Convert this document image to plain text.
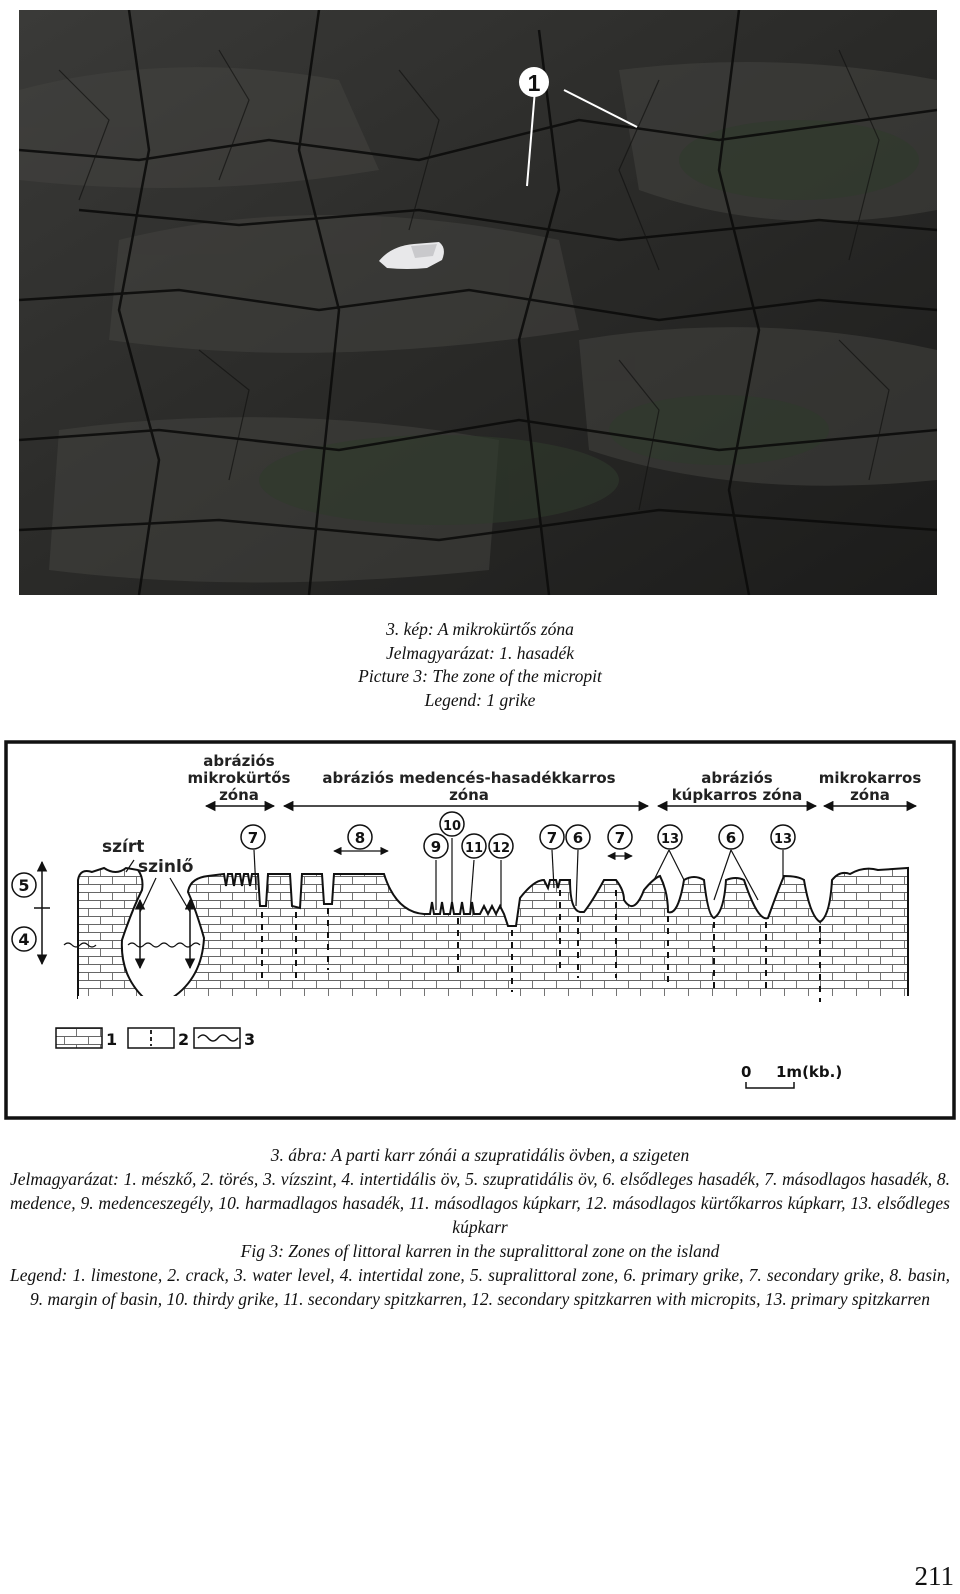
1
3. kép: A mikrokürtős zóna
Jelmagyarázat: 1. hasadék
Picture 3: The zone of the micropit
Legend: 1 grike
abráziós
mikrokürtős
zóna
abráziós medencés-hasadékkarros
zóna
abráziós
kúpkarros zóna
mikrokarros
zóna
5
4
szírt
szinlő
7	8
10
9 11 12
7 6 7	13	6	13
1	2	3
0 1m(kb.)
3. ábra: A parti karr zónái a szupratidális övben, a szigeten
Jelmagyarázat: 1. mészkő, 2. törés, 3. vízszint, 4. intertidális öv, 5. szupratidális öv, 6. elsődleges hasadék, 7. másodlagos hasadék, 8. medence, 9. medenceszegély, 10. harmadlagos hasadék, 11. másodlagos kúpkarr, 12. másodlagos kürtőkarros kúpkarr, 13. elsődleges kúpkarr
Fig 3: Zones of littoral karren in the supralittoral zone on the island
Legend: 1. limestone, 2. crack, 3. water level, 4. intertidal zone, 5. supralittoral zone, 6. primary grike, 7. secondary grike, 8. basin, 9. margin of basin, 10. thirdy grike, 11. secondary spitzkarren, 12. secondary spitzkarren with micropits, 13. primary spitzkarren
211
